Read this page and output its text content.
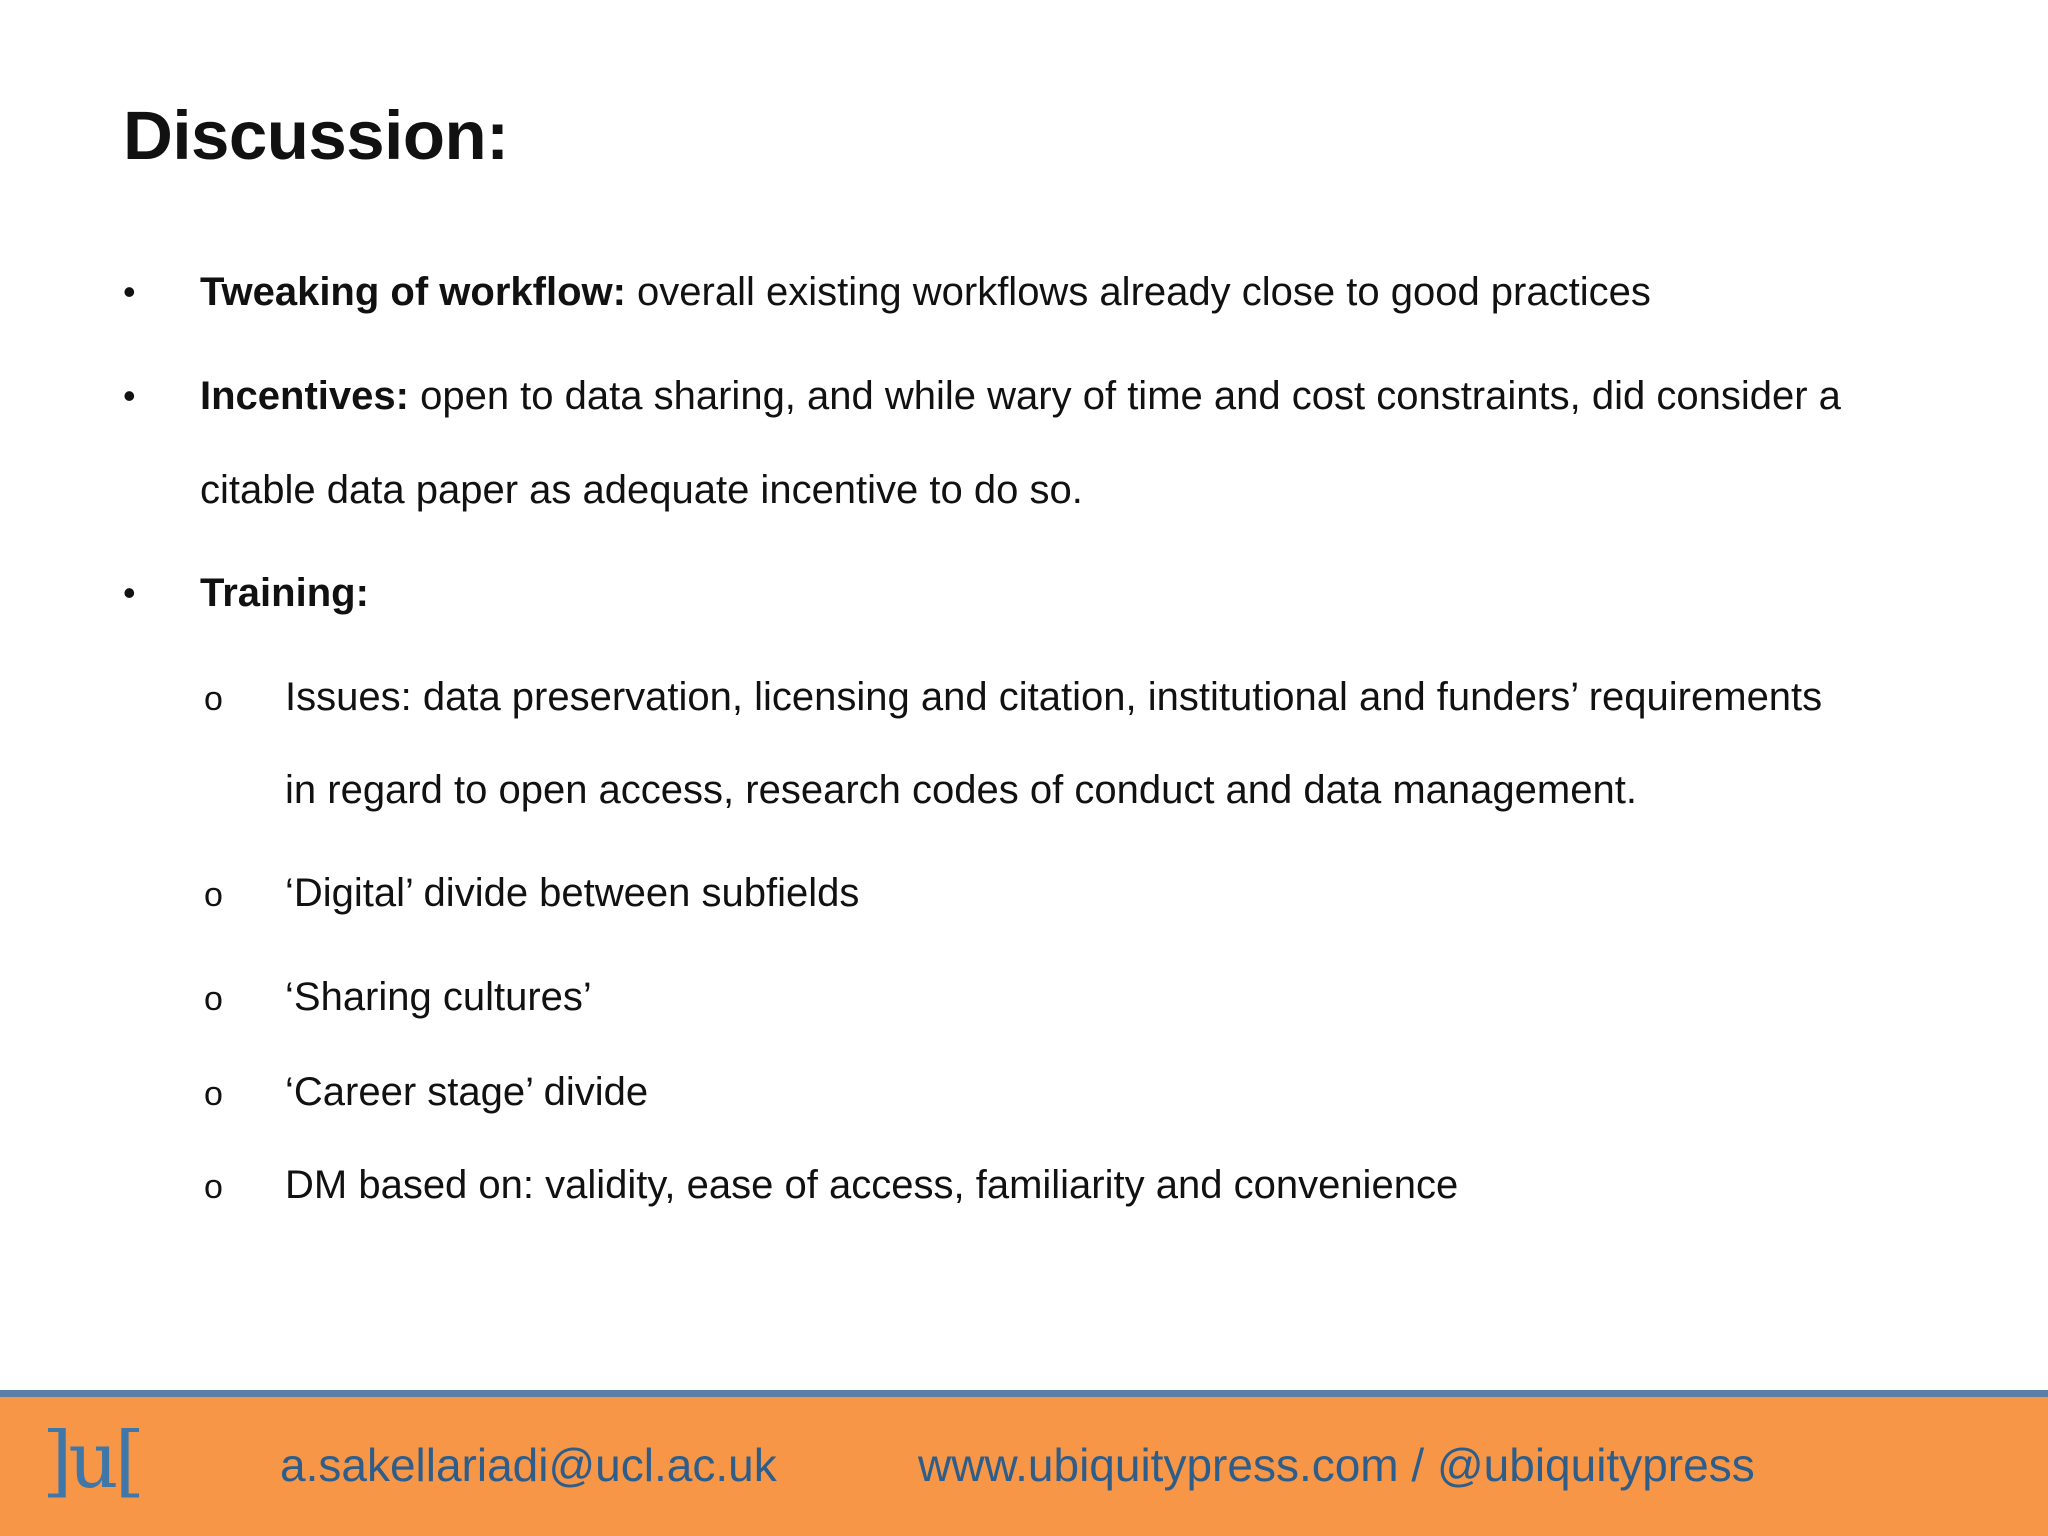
Discussion:
• Tweaking of workflow: overall existing workflows already close to good practices
• Incentives: open to data sharing, and while wary of time and cost constraints, did consider a
citable data paper as adequate incentive to do so.
• Training:
o Issues: data preservation, licensing and citation, institutional and funders’ requirements
in regard to open access, research codes of conduct and data management.
o ‘Digital’ divide between subfields
o ‘Sharing cultures’
o ‘Career stage’ divide
o DM based on: validity, ease of access, familiarity and convenience
]u[	a.sakellariadi@ucl.ac.uk	www.ubiquitypress.com / @ubiquitypress
